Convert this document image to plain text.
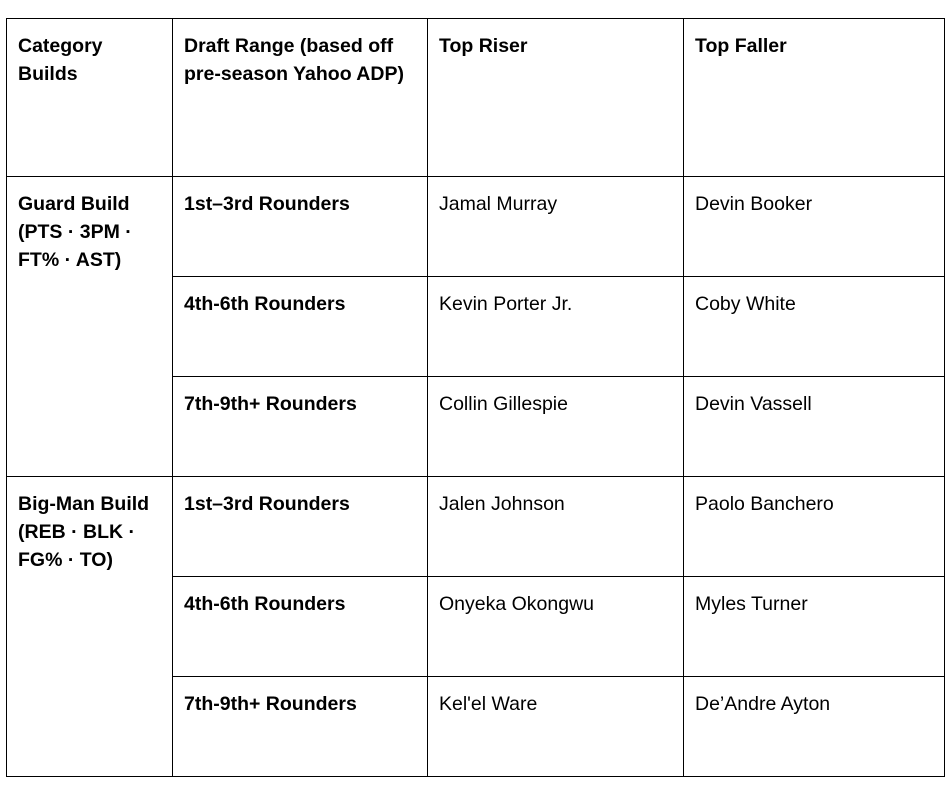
Category Builds	Draft Range (based off pre-season Yahoo ADP)	Top Riser	Top Faller
Guard Build (PTS · 3PM · FT% · AST)	1st–3rd Rounders	Jamal Murray	Devin Booker
	4th-6th Rounders	Kevin Porter Jr.	Coby White
	7th-9th+ Rounders	Collin Gillespie	Devin Vassell
Big-Man Build (REB · BLK · FG% · TO)	1st–3rd Rounders	Jalen Johnson	Paolo Banchero
	4th-6th Rounders	Onyeka Okongwu	Myles Turner
	7th-9th+ Rounders	Kel'el Ware	De’Andre Ayton
